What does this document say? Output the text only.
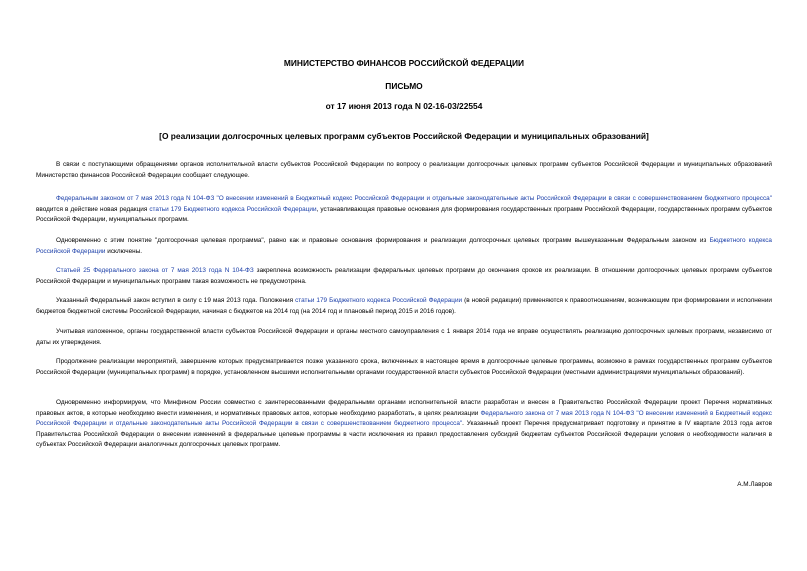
МИНИСТЕРСТВО ФИНАНСОВ РОССИЙСКОЙ ФЕДЕРАЦИИ
ПИСЬМО
от 17 июня 2013 года N 02-16-03/22554
[О реализации долгосрочных целевых программ субъектов Российской Федерации и муниципальных образований]
В связи с поступающими обращениями органов исполнительной власти субъектов Российской Федерации по вопросу о реализации долгосрочных целевых программ субъектов Российской Федерации и муниципальных образований Министерство финансов Российской Федерации сообщает следующее.
Федеральным законом от 7 мая 2013 года N 104-ФЗ "О внесении изменений в Бюджетный кодекс Российской Федерации и отдельные законодательные акты Российской Федерации в связи с совершенствованием бюджетного процесса" вводится в действие новая редакция статьи 179 Бюджетного кодекса Российской Федерации, устанавливающая правовые основания для формирования государственных программ Российской Федерации, государственных программ субъектов Российской Федерации, муниципальных программ.
Одновременно с этим понятие "долгосрочная целевая программа", равно как и правовые основания формирования и реализации долгосрочных целевых программ вышеуказанным Федеральным законом из Бюджетного кодекса Российской Федерации исключены.
Статьей 25 Федерального закона от 7 мая 2013 года N 104-ФЗ закреплена возможность реализации федеральных целевых программ до окончания сроков их реализации. В отношении долгосрочных целевых программ субъектов Российской Федерации и муниципальных программ такая возможность не предусмотрена.
Указанный Федеральный закон вступил в силу с 19 мая 2013 года. Положения статьи 179 Бюджетного кодекса Российской Федерации (в новой редакции) применяются к правоотношениям, возникающим при формировании и исполнении бюджетов бюджетной системы Российской Федерации, начиная с бюджетов на 2014 год (на 2014 год и плановый период 2015 и 2016 годов).
Учитывая изложенное, органы государственной власти субъектов Российской Федерации и органы местного самоуправления с 1 января 2014 года не вправе осуществлять реализацию долгосрочных целевых программ, независимо от даты их утверждения.
Продолжение реализации мероприятий, завершение которых предусматривается позже указанного срока, включенных в настоящее время в долгосрочные целевые программы, возможно в рамках государственных программ субъектов Российской Федерации (муниципальных программ) в порядке, установленном высшими исполнительными органами государственной власти субъектов Российской Федерации (местными администрациями муниципальных образований).
Одновременно информируем, что Минфином России совместно с заинтересованными федеральными органами исполнительной власти разработан и внесен в Правительство Российской Федерации проект Перечня нормативных правовых актов, в которые необходимо внести изменения, и нормативных правовых актов, которые необходимо разработать, в целях реализации Федерального закона от 7 мая 2013 года N 104-ФЗ "О внесении изменений в Бюджетный кодекс Российской Федерации и отдельные законодательные акты Российской Федерации в связи с совершенствованием бюджетного процесса". Указанный проект Перечня предусматривает подготовку и принятие в IV квартале 2013 года актов Правительства Российской Федерации о внесении изменений в федеральные целевые программы в части исключения из правил предоставления субсидий бюджетам субъектов Российской Федерации условия о необходимости наличия в субъектах Российской Федерации аналогичных долгосрочных целевых программ.
А.М.Лавров
